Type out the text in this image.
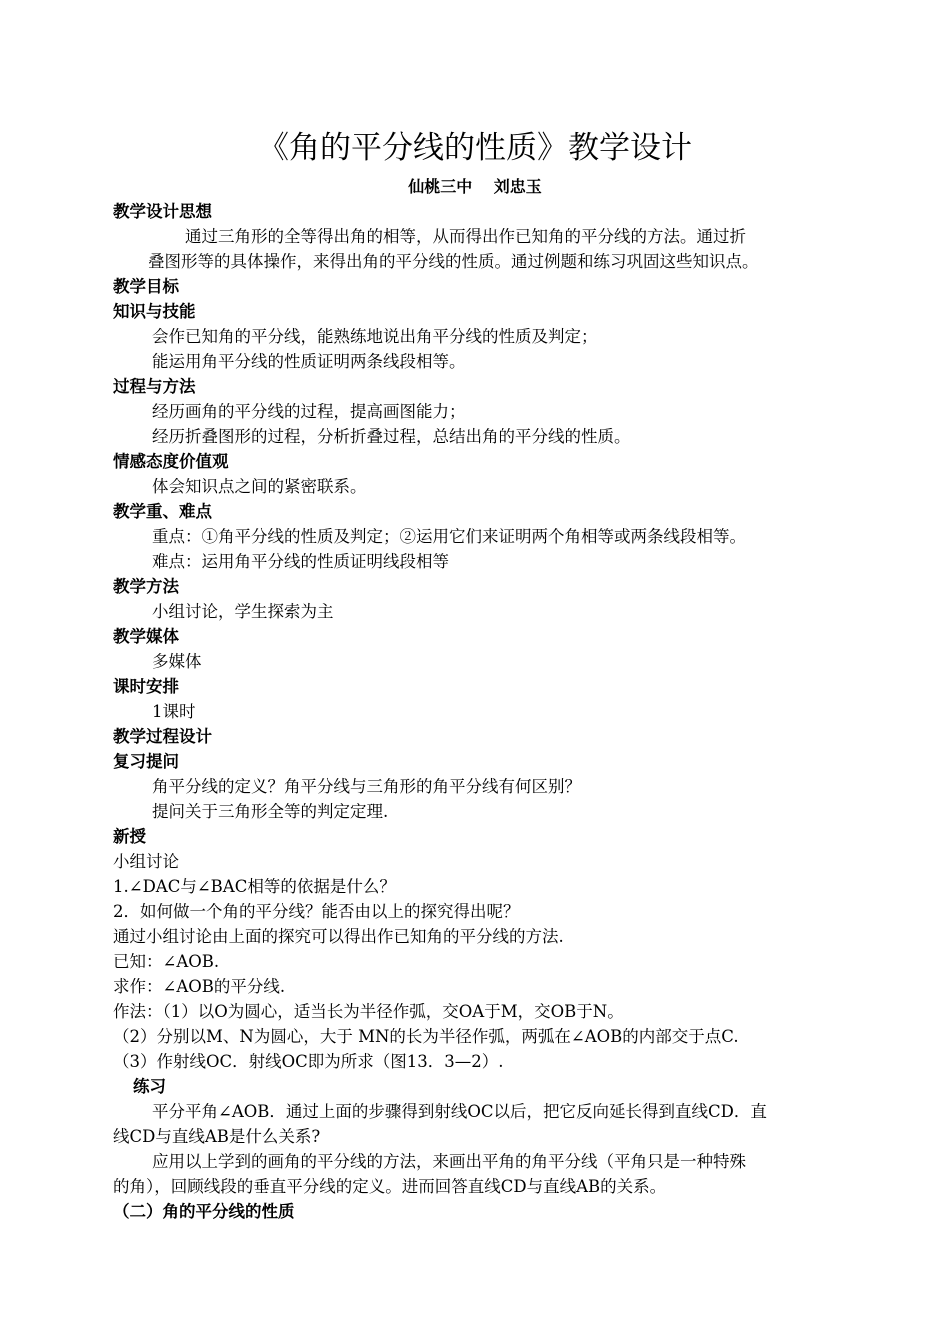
《角的平分线的性质》教学设计
仙桃三中　 刘忠玉
教学设计思想
通过三角形的全等得出角的相等，从而得出作已知角的平分线的方法。通过折
叠图形等的具体操作，来得出角的平分线的性质。通过例题和练习巩固这些知识点。
教学目标
知识与技能
会作已知角的平分线，能熟练地说出角平分线的性质及判定；
能运用角平分线的性质证明两条线段相等。
过程与方法
经历画角的平分线的过程，提高画图能力；
经历折叠图形的过程，分析折叠过程，总结出角的平分线的性质。
情感态度价值观
体会知识点之间的紧密联系。
教学重、难点
重点：①角平分线的性质及判定；②运用它们来证明两个角相等或两条线段相等。
难点：运用角平分线的性质证明线段相等
教学方法
小组讨论，学生探索为主
教学媒体
多媒体
课时安排
1课时
教学过程设计
复习提问
角平分线的定义？角平分线与三角形的角平分线有何区别？
提问关于三角形全等的判定定理.
新授
小组讨论
1.∠DAC与∠BAC相等的依据是什么？
2．如何做一个角的平分线？能否由以上的探究得出呢？
通过小组讨论由上面的探究可以得出作已知角的平分线的方法.
已知：∠AOB.
求作：∠AOB的平分线.
作法：（1）以O为圆心，适当长为半径作弧，交OA于M，交OB于N。
（2）分别以M、N为圆心，大于 MN的长为半径作弧，两弧在∠AOB的内部交于点C.
（3）作射线OC．射线OC即为所求（图13．3—2）.
练习
平分平角∠AOB．通过上面的步骤得到射线OC以后，把它反向延长得到直线CD．直
线CD与直线AB是什么关系?
应用以上学到的画角的平分线的方法，来画出平角的角平分线（平角只是一种特殊
的角），回顾线段的垂直平分线的定义。进而回答直线CD与直线AB的关系。
（二）角的平分线的性质
